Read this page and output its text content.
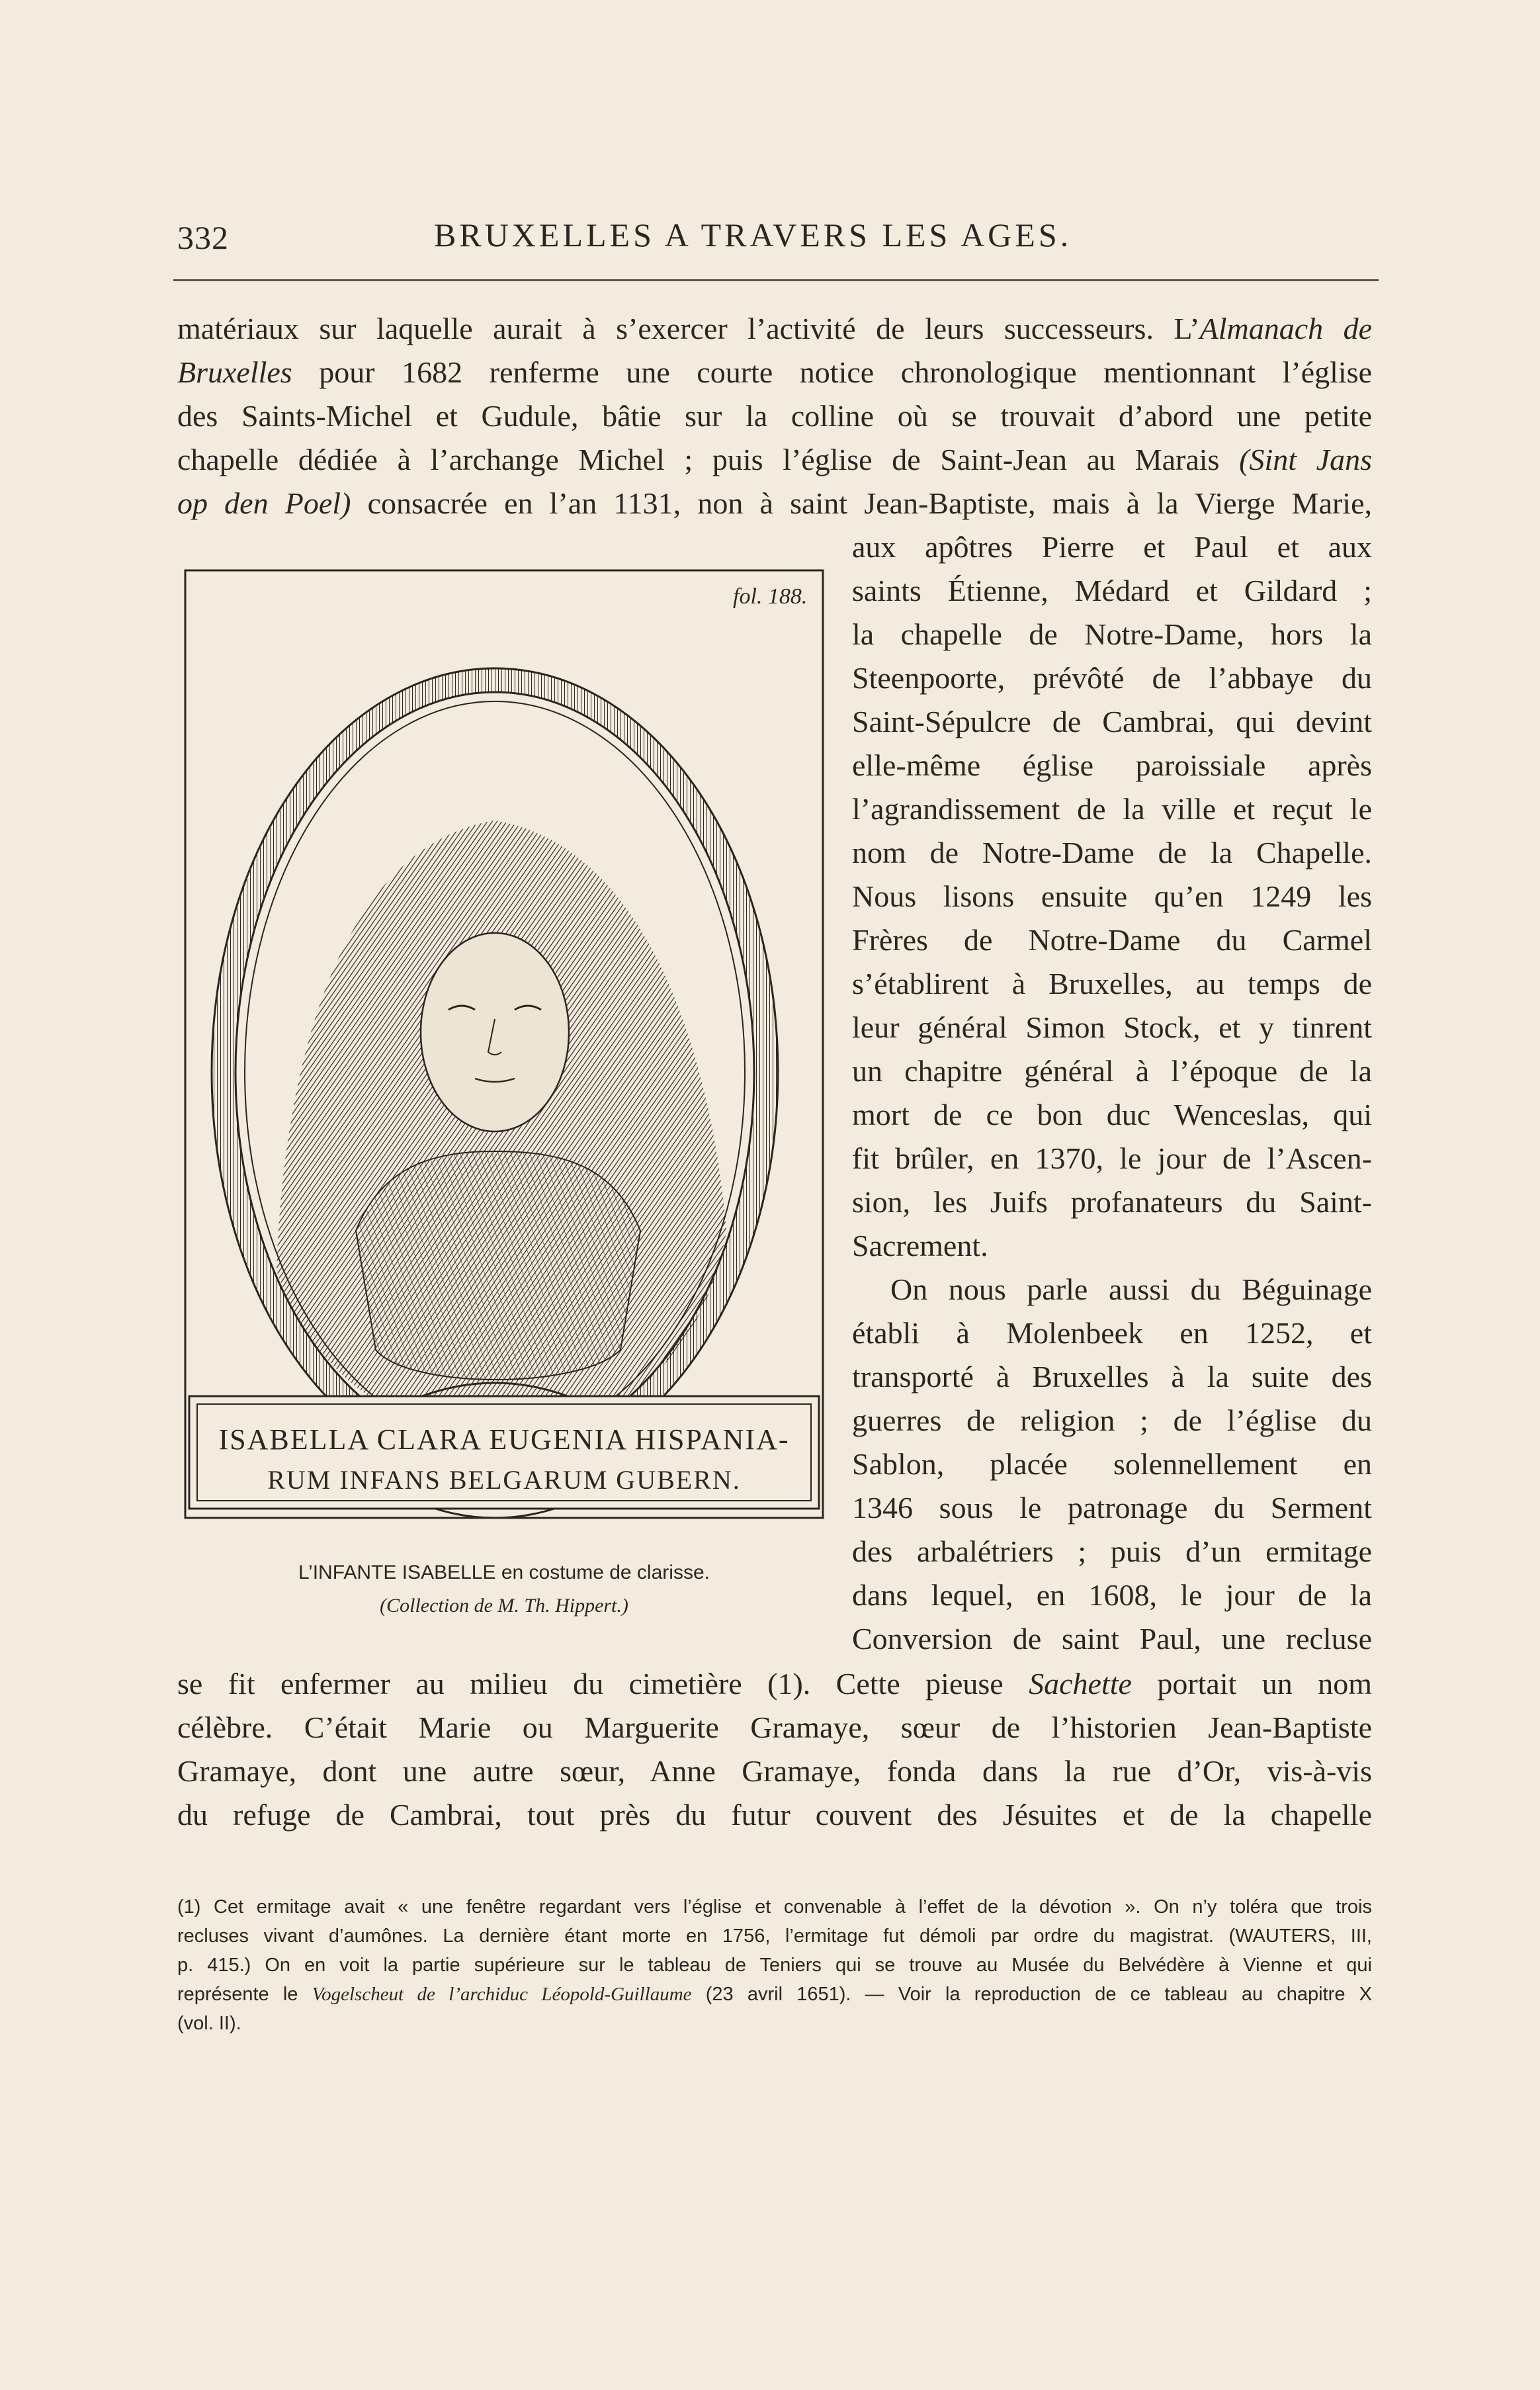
332	BRUXELLES A TRAVERS LES AGES.
matériaux sur laquelle aurait à s’exercer l’activité de leurs successeurs. L’Almanach de
Bruxelles pour 1682 renferme une courte notice chronologique mentionnant l’église
des Saints-Michel et Gudule, bâtie sur la colline où se trouvait d’abord une petite
chapelle dédiée à l’archange Michel ; puis l’église de Saint-Jean au Marais (Sint Jans
op den Poel) consacrée en l’an 1131, non à saint Jean-Baptiste, mais à la Vierge Marie,
aux apôtres Pierre et Paul et aux
saints Étienne, Médard et Gildard ;
la chapelle de Notre-Dame, hors la
Steenpoorte, prévôté de l’abbaye du
Saint-Sépulcre de Cambrai, qui devint
elle-même église paroissiale après
l’agrandissement de la ville et reçut le
nom de Notre-Dame de la Chapelle.
Nous lisons ensuite qu’en 1249 les
Frères de Notre-Dame du Carmel
s’établirent à Bruxelles, au temps de
leur général Simon Stock, et y tinrent
un chapitre général à l’époque de la
mort de ce bon duc Wenceslas, qui
fit brûler, en 1370, le jour de l’Ascen-
sion, les Juifs profanateurs du Saint-
Sacrement.
On nous parle aussi du Béguinage
établi à Molenbeek en 1252, et
transporté à Bruxelles à la suite des
guerres de religion ; de l’église du
Sablon, placée solennellement en
1346 sous le patronage du Serment
des arbalétriers ; puis d’un ermitage
dans lequel, en 1608, le jour de la
Conversion de saint Paul, une recluse
se fit enfermer au milieu du cimetière (1). Cette pieuse Sachette portait un nom
célèbre. C’était Marie ou Marguerite Gramaye, sœur de l’historien Jean-Baptiste
Gramaye, dont une autre sœur, Anne Gramaye, fonda dans la rue d’Or, vis-à-vis
du refuge de Cambrai, tout près du futur couvent des Jésuites et de la chapelle
fol. 188.
ISABELLA CLARA EUGENIA HISPANIA-
RUM INFANS BELGARUM GUBERN.
L’INFANTE ISABELLE en costume de clarisse.
(Collection de M. Th. Hippert.)
(1) Cet ermitage avait « une fenêtre regardant vers l’église et convenable à l’effet de la dévotion ». On n’y toléra que trois
recluses vivant d’aumônes. La dernière étant morte en 1756, l’ermitage fut démoli par ordre du magistrat. (WAUTERS, III,
p. 415.) On en voit la partie supérieure sur le tableau de Teniers qui se trouve au Musée du Belvédère à Vienne et qui
représente le Vogelscheut de l’archiduc Léopold-Guillaume (23 avril 1651). — Voir la reproduction de ce tableau au chapitre X
(vol. II).
